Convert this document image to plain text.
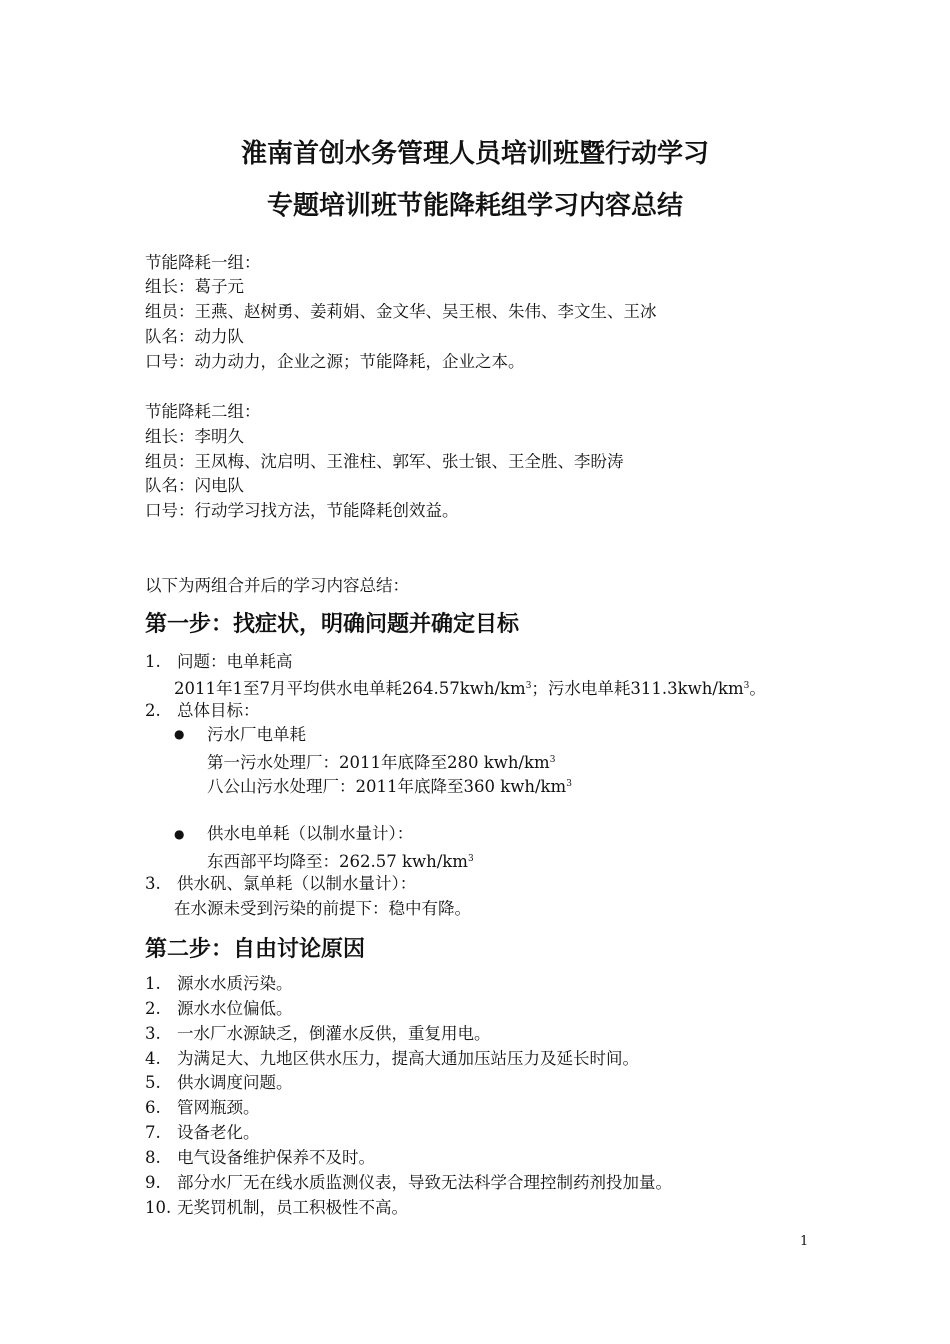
淮南首创水务管理人员培训班暨行动学习
专题培训班节能降耗组学习内容总结
节能降耗一组：
组长：葛子元
组员：王燕、赵树勇、姜莉娟、金文华、吴王根、朱伟、李文生、王冰
队名：动力队
口号：动力动力，企业之源；节能降耗，企业之本。
节能降耗二组：
组长：李明久
组员：王凤梅、沈启明、王淮柱、郭军、张士银、王全胜、李盼涛
队名：闪电队
口号：行动学习找方法，节能降耗创效益。
以下为两组合并后的学习内容总结：
第一步：找症状，明确问题并确定目标
1. 问题：电单耗高
2011年1至7月平均供水电单耗$264.57kwh/km^3$；污水电单耗$311.3kwh/km^3$。
2. 总体目标：
● 污水厂电单耗
第一污水处理厂：2011年底降至280 kwh/$km^3$
八公山污水处理厂：2011年底降至360 kwh/$km^3$
● 供水电单耗（以制水量计）：
东西部平均降至：262.57 kwh/$km^3$
3. 供水矾、氯单耗（以制水量计）：
在水源未受到污染的前提下：稳中有降。
第二步：自由讨论原因
1. 源水水质污染。
2. 源水水位偏低。
3. 一水厂水源缺乏，倒灌水反供，重复用电。
4. 为满足大、九地区供水压力，提高大通加压站压力及延长时间。
5. 供水调度问题。
6. 管网瓶颈。
7. 设备老化。
8. 电气设备维护保养不及时。
9. 部分水厂无在线水质监测仪表，导致无法科学合理控制药剂投加量。
10. 无奖罚机制，员工积极性不高。
1
